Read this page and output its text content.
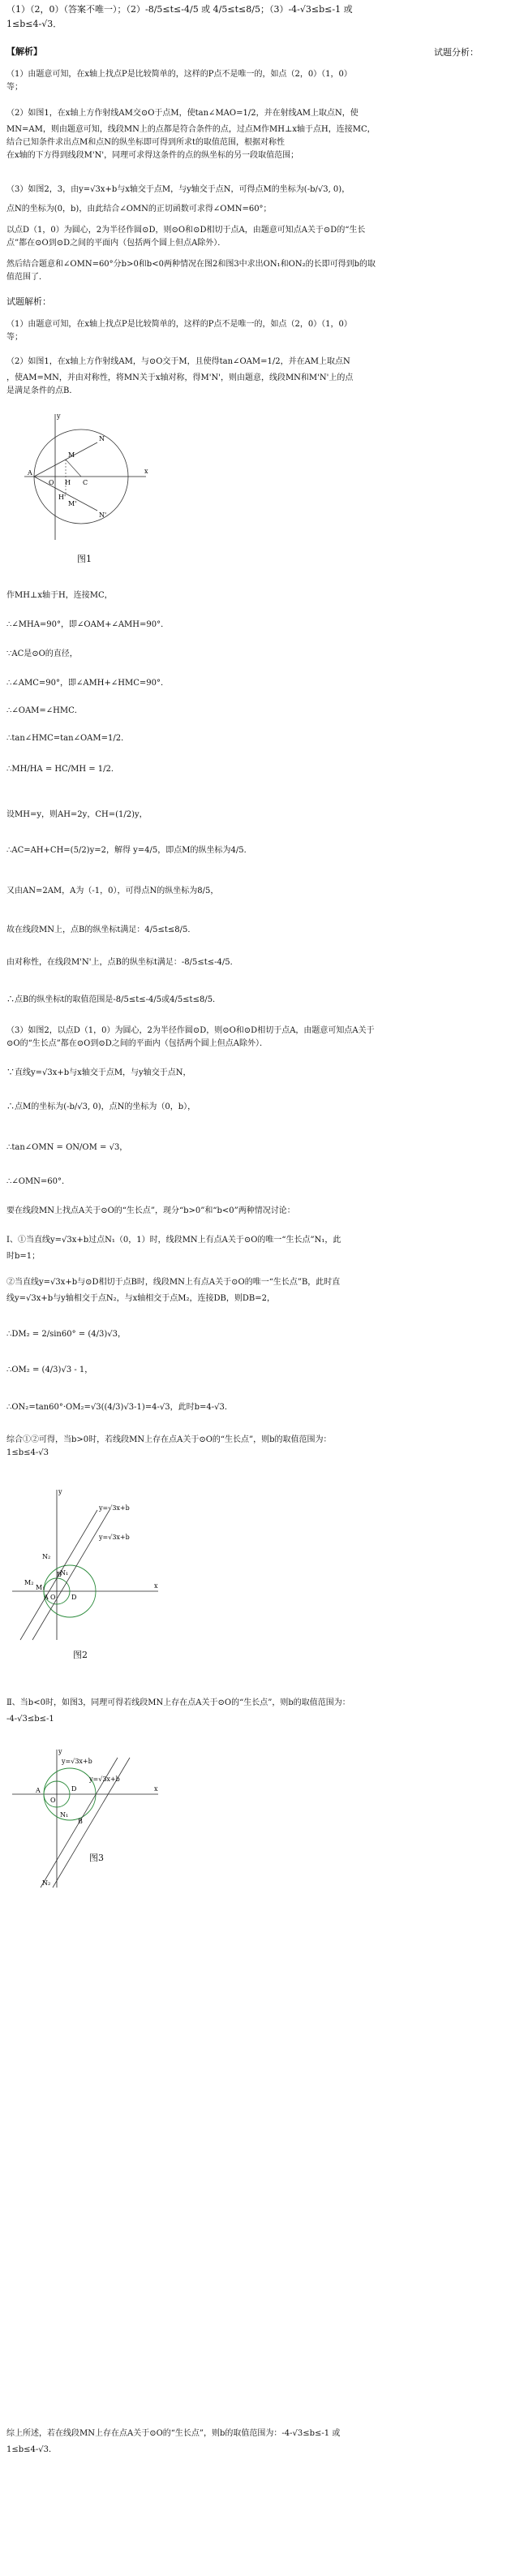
（1）（2，0）（答案不唯一）；（2）-8/5≤t≤-4/5 或 4/5≤t≤8/5；（3）-4-√3≤b≤-1 或
1≤b≤4-√3．
【解析】	试题分析：
（1）由题意可知，在x轴上找点P是比较简单的，这样的P点不是唯一的，如点（2，0）（1，0）
等；
（2）如图1，在x轴上方作射线AM交⊙O于点M，使tan∠MAO=1/2，并在射线AM上取点N，使
MN=AM，则由题意可知，线段MN上的点都是符合条件的点，过点M作MH⊥x轴于点H，连接MC，
结合已知条件求出点M和点N的纵坐标即可得到所求t的取值范围，根据对称性
在x轴的下方得到线段M'N'，同理可求得这条件的点的纵坐标的另一段取值范围；
（3）如图2，3，由y=√3x+b与x轴交于点M，与y轴交于点N，可得点M的坐标为(-b/√3, 0)，
点N的坐标为(0，b)，由此结合∠OMN的正切函数可求得∠OMN=60°；
以点D（1，0）为圆心，2为半径作圆⊙D，则⊙O和⊙D相切于点A，由题意可知点A关于⊙D的“生长
点”都在⊙O到⊙D之间的平面内（包括两个圆上但点A除外）．
然后结合题意和∠OMN=60°分b>0和b<0两种情况在图2和图3中求出ON₁和ON₂的长即可得到b的取
值范围了．
试题解析：
（1）由题意可知，在x轴上找点P是比较简单的，这样的P点不是唯一的，如点（2，0）（1，0）
等；
（2）如图1，在x轴上方作射线AM，与⊙O交于M，且使得tan∠OAM=1/2，并在AM上取点N
，使AM=MN，并由对称性，将MN关于x轴对称，得M'N'，则由题意，线段MN和M'N'上的点
是满足条件的点B．
y
x
A
O H C
M
N
H'
M'
N'
图1
作MH⊥x轴于H，连接MC，
∴∠MHA=90°，即∠OAM+∠AMH=90°．
∵AC是⊙O的直径，
∴∠AMC=90°，即∠AMH+∠HMC=90°．
∴∠OAM=∠HMC．
∴tan∠HMC=tan∠OAM=1/2．
∴MH/HA = HC/MH = 1/2．
设MH=y，则AH=2y，CH=(1/2)y，
∴AC=AH+CH=(5/2)y=2，解得 y=4/5，即点M的纵坐标为4/5．
又由AN=2AM，A为（-1，0），可得点N的纵坐标为8/5，
故在线段MN上，点B的纵坐标t满足：4/5≤t≤8/5．
由对称性，在线段M'N'上，点B的纵坐标t满足：-8/5≤t≤-4/5．
∴点B的纵坐标t的取值范围是-8/5≤t≤-4/5或4/5≤t≤8/5．
（3）如图2，以点D（1，0）为圆心，2为半径作圆⊙D，则⊙O和⊙D相切于点A，由题意可知点A关于
⊙O的“生长点”都在⊙O到⊙D之间的平面内（包括两个圆上但点A除外）．
∵直线y=√3x+b与x轴交于点M，与y轴交于点N，
∴点M的坐标为(-b/√3, 0)，点N的坐标为（0，b），
∴tan∠OMN = ON/OM = √3，
∴∠OMN=60°．
要在线段MN上找点A关于⊙O的“生长点”，现分“b>0”和“b<0”两种情况讨论：
Ⅰ、①当直线y=√3x+b过点N₁（0，1）时，线段MN上有点A关于⊙O的唯一“生长点”N₁，此
时b=1；
②当直线y=√3x+b与⊙D相切于点B时，线段MN上有点A关于⊙O的唯一“生长点”B，此时直
线y=√3x+b与y轴相交于点N₂，与x轴相交于点M₂，连接DB，则DB=2，
∴DM₂ = 2/sin60° = (4/3)√3，
∴OM₂ = (4/3)√3 - 1，
∴ON₂=tan60°·OM₂=√3((4/3)√3-1)=4-√3，此时b=4-√3．
综合①②可得，当b>0时，若线段MN上存在点A关于⊙O的“生长点”，则b的取值范围为：
1≤b≤4-√3
y
x
y=√3x+b
y=√3x+b
N₂
N₁
M₂
M₁
O D
A
B
图2
Ⅱ、当b<0时，如图3，同理可得若线段MN上存在点A关于⊙O的“生长点”，则b的取值范围为：
-4-√3≤b≤-1
y
x
y=√3x+b
y=√3x+b
A
O
D
B
N₁
N₂
图3
综上所述，若在线段MN上存在点A关于⊙O的“生长点”，则b的取值范围为：-4-√3≤b≤-1 或
1≤b≤4-√3．
